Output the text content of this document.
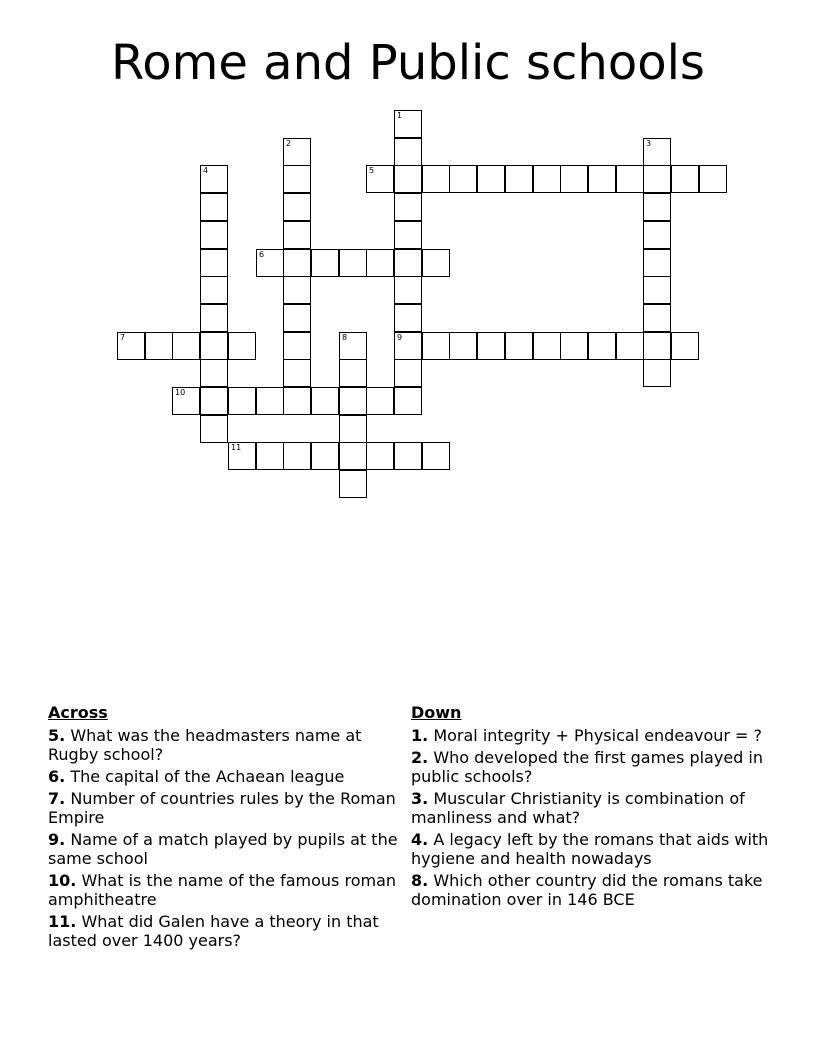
Rome and Public schools
1
2	3
4	5
6
7	8	9
10
11
Across
5. What was the headmasters name at Rugby school?
6. The capital of the Achaean league
7. Number of countries rules by the Roman Empire
9. Name of a match played by pupils at the same school
10. What is the name of the famous roman amphitheatre
11. What did Galen have a theory in that lasted over 1400 years?
Down
1. Moral integrity + Physical endeavour = ?
2. Who developed the first games played in public schools?
3. Muscular Christianity is combination of manliness and what?
4. A legacy left by the romans that aids with hygiene and health nowadays
8. Which other country did the romans take domination over in 146 BCE
